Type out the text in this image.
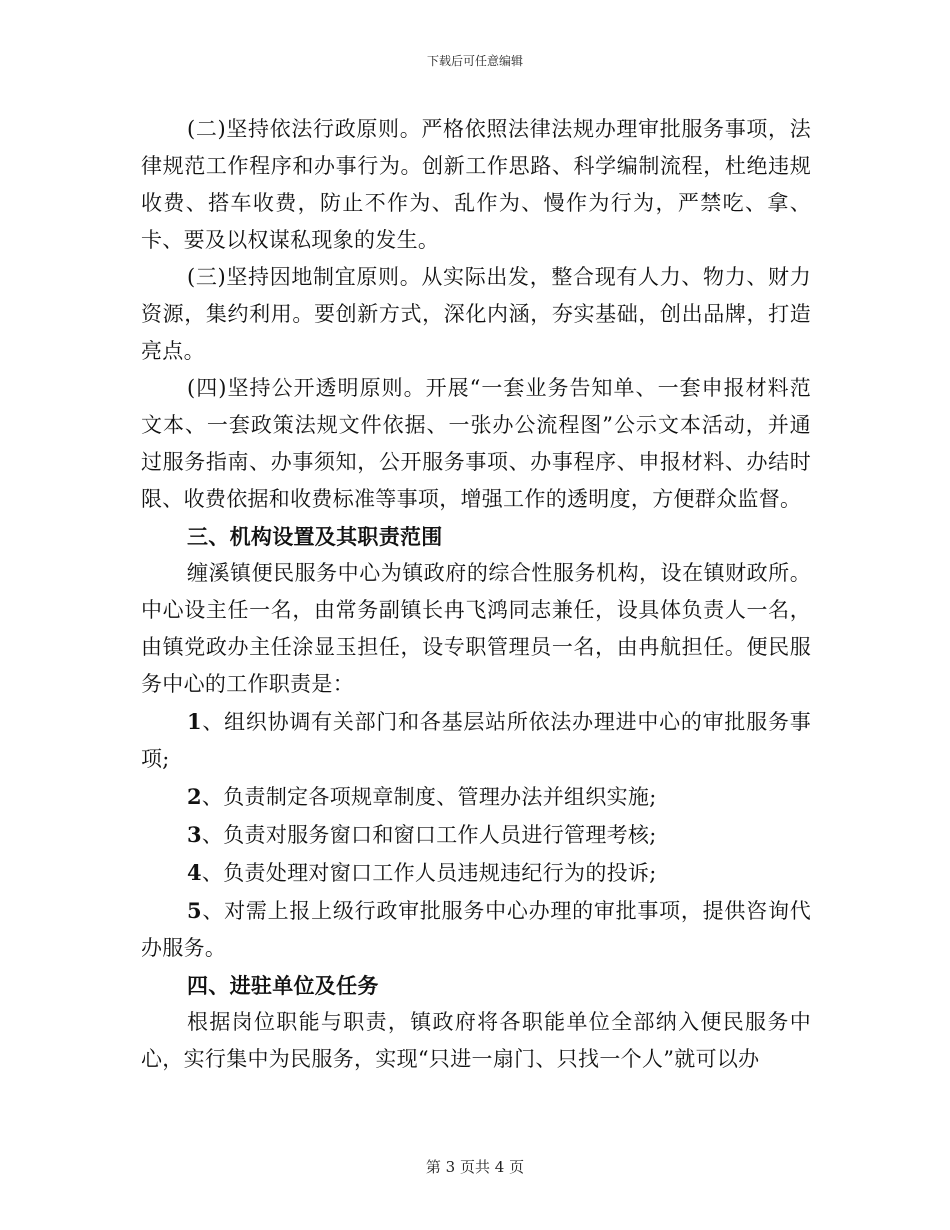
下载后可任意编辑

(二)坚持依法行政原则。严格依照法律法规办理审批服务事项，法律规范工作程序和办事行为。创新工作思路、科学编制流程，杜绝违规收费、搭车收费，防止不作为、乱作为、慢作为行为，严禁吃、拿、卡、要及以权谋私现象的发生。

(三)坚持因地制宜原则。从实际出发，整合现有人力、物力、财力资源，集约利用。要创新方式，深化内涵，夯实基础，创出品牌，打造亮点。

(四)坚持公开透明原则。开展“一套业务告知单、一套申报材料范文本、一套政策法规文件依据、一张办公流程图”公示文本活动，并通过服务指南、办事须知，公开服务事项、办事程序、申报材料、办结时限、收费依据和收费标准等事项，增强工作的透明度，方便群众监督。

三、机构设置及其职责范围

缠溪镇便民服务中心为镇政府的综合性服务机构，设在镇财政所。中心设主任一名，由常务副镇长冉飞鸿同志兼任，设具体负责人一名，由镇党政办主任涂显玉担任，设专职管理员一名，由冉航担任。便民服务中心的工作职责是：

1、组织协调有关部门和各基层站所依法办理进中心的审批服务事项;

2、负责制定各项规章制度、管理办法并组织实施;

3、负责对服务窗口和窗口工作人员进行管理考核;

4、负责处理对窗口工作人员违规违纪行为的投诉;

5、对需上报上级行政审批服务中心办理的审批事项，提供咨询代办服务。

四、进驻单位及任务

根据岗位职能与职责，镇政府将各职能单位全部纳入便民服务中心，实行集中为民服务，实现“只进一扇门、只找一个人”就可以办

第 3 页共 4 页
